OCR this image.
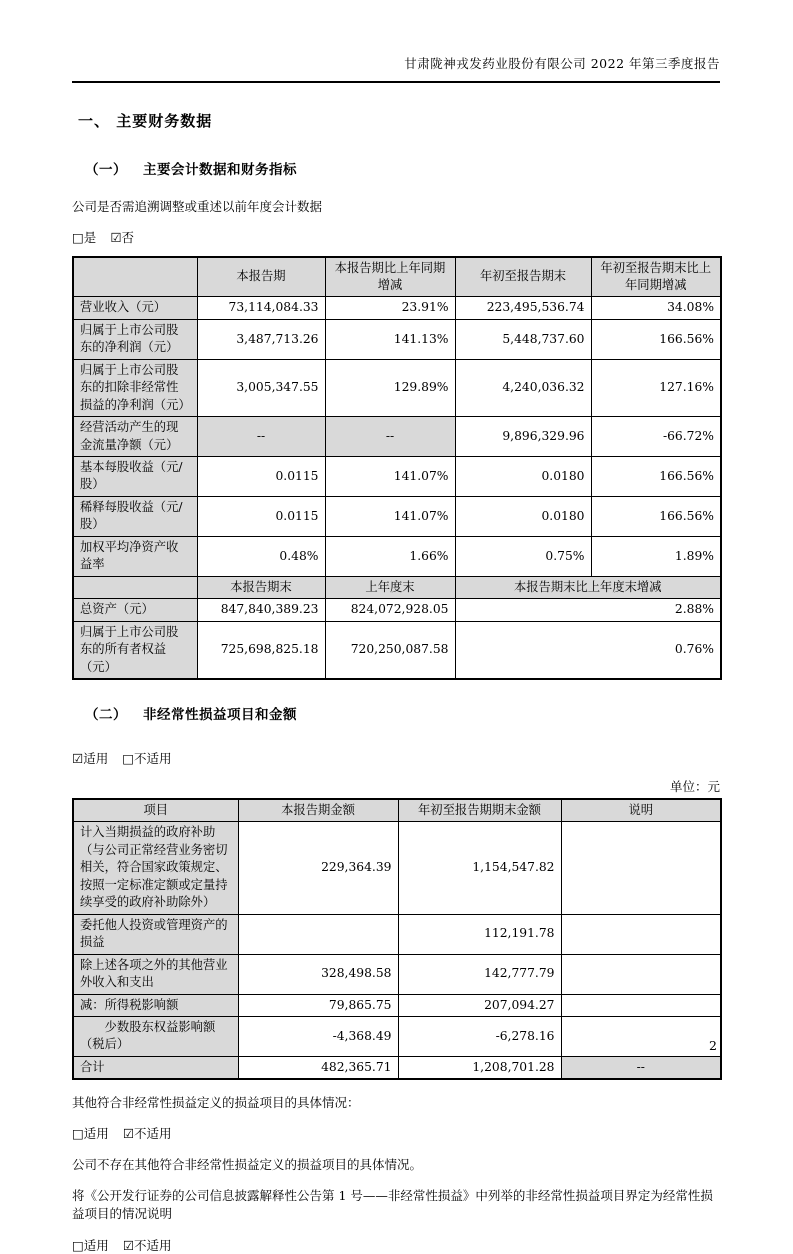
甘肃陇神戎发药业股份有限公司 2022 年第三季度报告
一、 主要财务数据
（一） 主要会计数据和财务指标

公司是否需追溯调整或重述以前年度会计数据

□是 ☑否

	本报告期	本报告期比上年同期增减	年初至报告期末	年初至报告期末比上年同期增减
营业收入（元）	73,114,084.33	23.91%	223,495,536.74	34.08%
归属于上市公司股东的净利润（元）	3,487,713.26	141.13%	5,448,737.60	166.56%
归属于上市公司股东的扣除非经常性损益的净利润（元）	3,005,347.55	129.89%	4,240,036.32	127.16%
经营活动产生的现金流量净额（元）	--	--	9,896,329.96	-66.72%
基本每股收益（元/股）	0.0115	141.07%	0.0180	166.56%
稀释每股收益（元/股）	0.0115	141.07%	0.0180	166.56%
加权平均净资产收益率	0.48%	1.66%	0.75%	1.89%
	本报告期末	上年度末	本报告期末比上年度末增减	
总资产（元）	847,840,389.23	824,072,928.05	2.88%	
归属于上市公司股东的所有者权益（元）	725,698,825.18	720,250,087.58	0.76%	
（二） 非经常性损益项目和金额

☑适用 □不适用

单位：元
项目	本报告期金额	年初至报告期期末金额	说明
计入当期损益的政府补助（与公司正常经营业务密切相关，符合国家政策规定、按照一定标准定额或定量持续享受的政府补助除外）	229,364.39	1,154,547.82	
委托他人投资或管理资产的损益		112,191.78	
除上述各项之外的其他营业外收入和支出	328,498.58	142,777.79	
减：所得税影响额	79,865.75	207,094.27	
　　少数股东权益影响额（税后）	-4,368.49	-6,278.16	
合计	482,365.71	1,208,701.28	--

其他符合非经常性损益定义的损益项目的具体情况：

□适用 ☑不适用

公司不存在其他符合非经常性损益定义的损益项目的具体情况。

将《公开发行证券的公司信息披露解释性公告第 1 号——非经常性损益》中列举的非经常性损益项目界定为经常性损益项目的情况说明

□适用 ☑不适用

2
